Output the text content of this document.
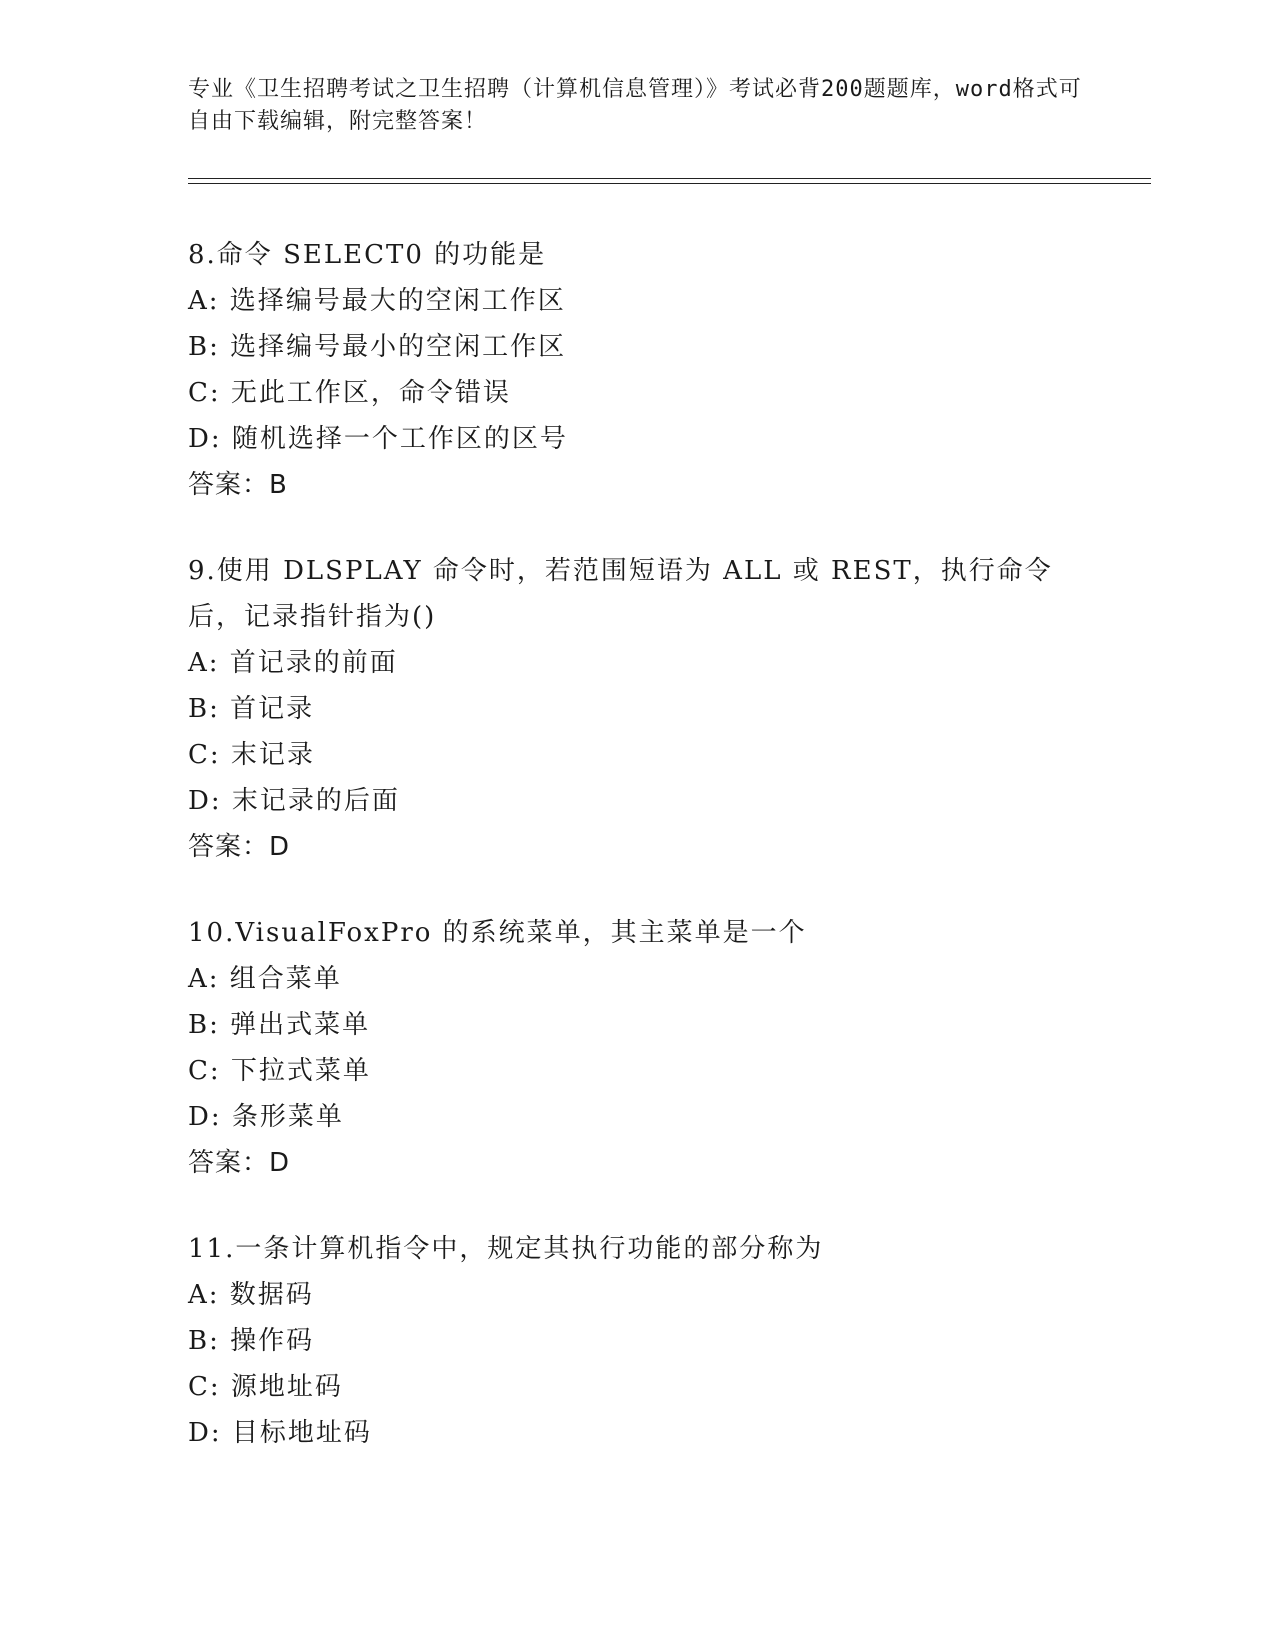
专业《卫生招聘考试之卫生招聘（计算机信息管理）》考试必背200题题库，word格式可自由下载编辑，附完整答案！
8.命令 SELECT0 的功能是
A: 选择编号最大的空闲工作区
B: 选择编号最小的空闲工作区
C: 无此工作区，命令错误
D: 随机选择一个工作区的区号
答案：B
9.使用 DLSPLAY 命令时，若范围短语为 ALL 或 REST，执行命令后，记录指针指为()
A: 首记录的前面
B: 首记录
C: 末记录
D: 末记录的后面
答案：D
10.VisualFoxPro 的系统菜单，其主菜单是一个
A: 组合菜单
B: 弹出式菜单
C: 下拉式菜单
D: 条形菜单
答案：D
11.一条计算机指令中，规定其执行功能的部分称为
A: 数据码
B: 操作码
C: 源地址码
D: 目标地址码
